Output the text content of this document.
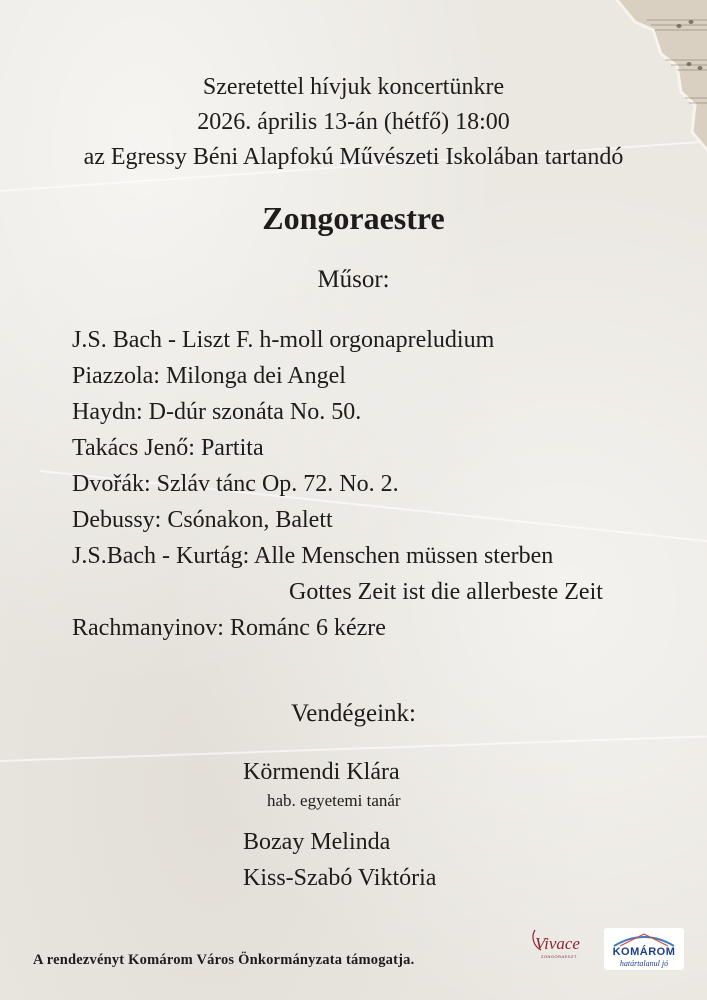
Szeretettel hívjuk koncertünkre
2026. április 13-án (hétfő) 18:00
az Egressy Béni Alapfokú Művészeti Iskolában tartandó
Zongoraestre
Műsor:
J.S. Bach - Liszt F. h-moll orgonapreludium
Piazzola: Milonga dei Angel
Haydn: D-dúr szonáta No. 50.
Takács Jenő: Partita
Dvořák: Szláv tánc Op. 72. No. 2.
Debussy: Csónakon, Balett
J.S.Bach - Kurtág: Alle Menschen müssen sterben
Gottes Zeit ist die allerbeste Zeit
Rachmanyinov: Románc 6 kézre
Vendégeink:
Körmendi Klára
hab. egyetemi tanár
Bozay Melinda
Kiss-Szabó Viktória
A rendezvényt Komárom Város Önkormányzata támogatja.
Vivace
ZONGORAESZT	KOMÁROM
határtalanul jó
